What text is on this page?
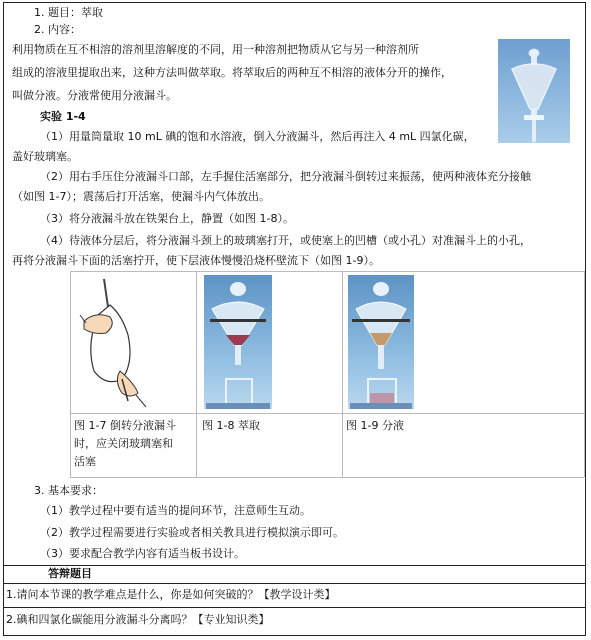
1. 题目：萃取
2. 内容：
利用物质在互不相溶的溶剂里溶解度的不同，用一种溶剂把物质从它与另一种溶剂所
组成的溶液里提取出来，这种方法叫做萃取。将萃取后的两种互不相溶的液体分开的操作，
叫做分液。分液常使用分液漏斗。
实验 1-4
（1）用量筒量取 10 mL 碘的饱和水溶液，倒入分液漏斗，然后再注入 4 mL 四氯化碳，
盖好玻璃塞。
（2）用右手压住分液漏斗口部，左手握住活塞部分，把分液漏斗倒转过来振荡，使两种液体充分接触
（如图 1-7）；震荡后打开活塞，使漏斗内气体放出。
（3）将分液漏斗放在铁架台上，静置（如图 1-8）。
（4）待液体分层后，将分液漏斗颈上的玻璃塞打开，或使塞上的凹槽（或小孔）对准漏斗上的小孔，
再将分液漏斗下面的活塞拧开，使下层液体慢慢沿烧杯壁流下（如图 1-9）。
图 1-7 倒转分液漏斗
时，应关闭玻璃塞和
活塞
图 1-8 萃取	图 1-9 分液
3. 基本要求：
（1）教学过程中要有适当的提问环节，注意师生互动。
（2）教学过程需要进行实验或者相关教具进行模拟演示即可。
（3）要求配合教学内容有适当板书设计。
答辩题目
1.请问本节课的教学难点是什么，你是如何突破的？【教学设计类】
2.碘和四氯化碳能用分液漏斗分离吗？【专业知识类】
